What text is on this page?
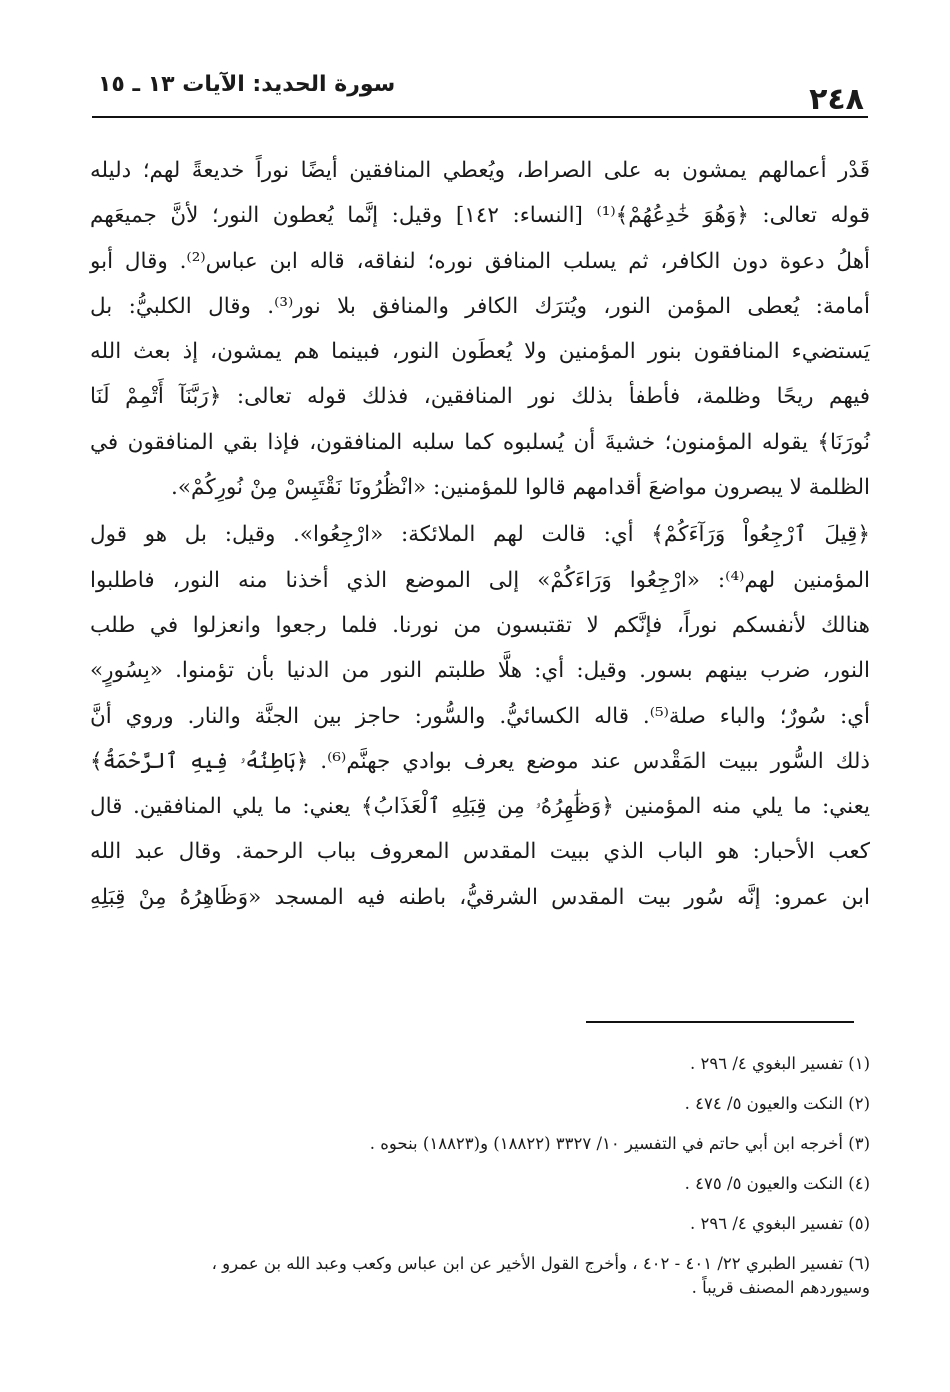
٢٤٨
سورة الحديد: الآيات ١٣ ـ ١٥

قَدْر أعمالهم يمشون به على الصراط، ويُعطي المنافقين أيضًا نوراً خديعةً لهم؛ دليله
قوله تعالى: ﴿وَهُوَ خَٰدِعُهُمْ﴾⁽¹⁾ [النساء: ١٤٢] وقيل: إنَّما يُعطون النور؛ لأنَّ جميعَهم
أهلُ دعوة دون الكافر، ثم يسلب المنافق نوره؛ لنفاقه، قاله ابن عباس⁽²⁾. وقال أبو
أمامة: يُعطى المؤمن النور، ويُترَك الكافر والمنافق بلا نور⁽³⁾. وقال الكلبيُّ: بل
يَستضيء المنافقون بنور المؤمنين ولا يُعطَون النور، فبينما هم يمشون، إذ بعث الله
فيهم ريحًا وظلمة، فأطفأ بذلك نور المنافقين، فذلك قوله تعالى: ﴿رَبَّنَآ أَتْمِمْ لَنَا
نُورَنَا﴾ يقوله المؤمنون؛ خشيةَ أن يُسلبوه كما سلبه المنافقون، فإذا بقي المنافقون في
الظلمة لا يبصرون مواضعَ أقدامهم قالوا للمؤمنين: «انْظُرُونَا نَقْتَبِسْ مِنْ نُورِكُمْ».

﴿قِيلَ ٱرْجِعُواْ وَرَآءَكُمْ﴾ أي: قالت لهم الملائكة: «ارْجِعُوا». وقيل: بل هو قول
المؤمنين لهم⁽⁴⁾: «ارْجِعُوا وَرَاءَكُمْ» إلى الموضع الذي أخذنا منه النور، فاطلبوا
هنالك لأنفسكم نوراً، فإنَّكم لا تقتبسون من نورنا. فلما رجعوا وانعزلوا في طلب
النور، ضرب بينهم بسور. وقيل: أي: هلَّا طلبتم النور من الدنيا بأن تؤمنوا. «بِسُورٍ»
أي: سُورٌ؛ والباء صلة⁽⁵⁾. قاله الكسائيُّ. والسُّور: حاجز بين الجنَّة والنار. وروي أنَّ
ذلك السُّور ببيت المَقْدس عند موضع يعرف بوادي جهنَّم⁽⁶⁾. ﴿بَاطِنُهُۥ فِيهِ ٱلرَّحْمَةُ﴾
يعني: ما يلي منه المؤمنين ﴿وَظَٰهِرُهُۥ مِن قِبَلِهِ ٱلْعَذَابُ﴾ يعني: ما يلي المنافقين. قال
كعب الأحبار: هو الباب الذي ببيت المقدس المعروف بباب الرحمة. وقال عبد الله
ابن عمرو: إنَّه سُور بيت المقدس الشرقيُّ، باطنه فيه المسجد «وَظَاهِرُهُ مِنْ قِبَلِهِ

(١) تفسير البغوي ٤/ ٢٩٦ .

(٢) النكت والعيون ٥/ ٤٧٤ .

(٣) أخرجه ابن أبي حاتم في التفسير ١٠/ ٣٣٢٧ (١٨٨٢٢) و(١٨٨٢٣) بنحوه .

(٤) النكت والعيون ٥/ ٤٧٥ .

(٥) تفسير البغوي ٤/ ٢٩٦ .

(٦) تفسير الطبري ٢٢/ ٤٠١ - ٤٠٢ ، وأخرج القول الأخير عن ابن عباس وكعب وعبد الله بن عمرو ،
وسيوردهم المصنف قريباً .
